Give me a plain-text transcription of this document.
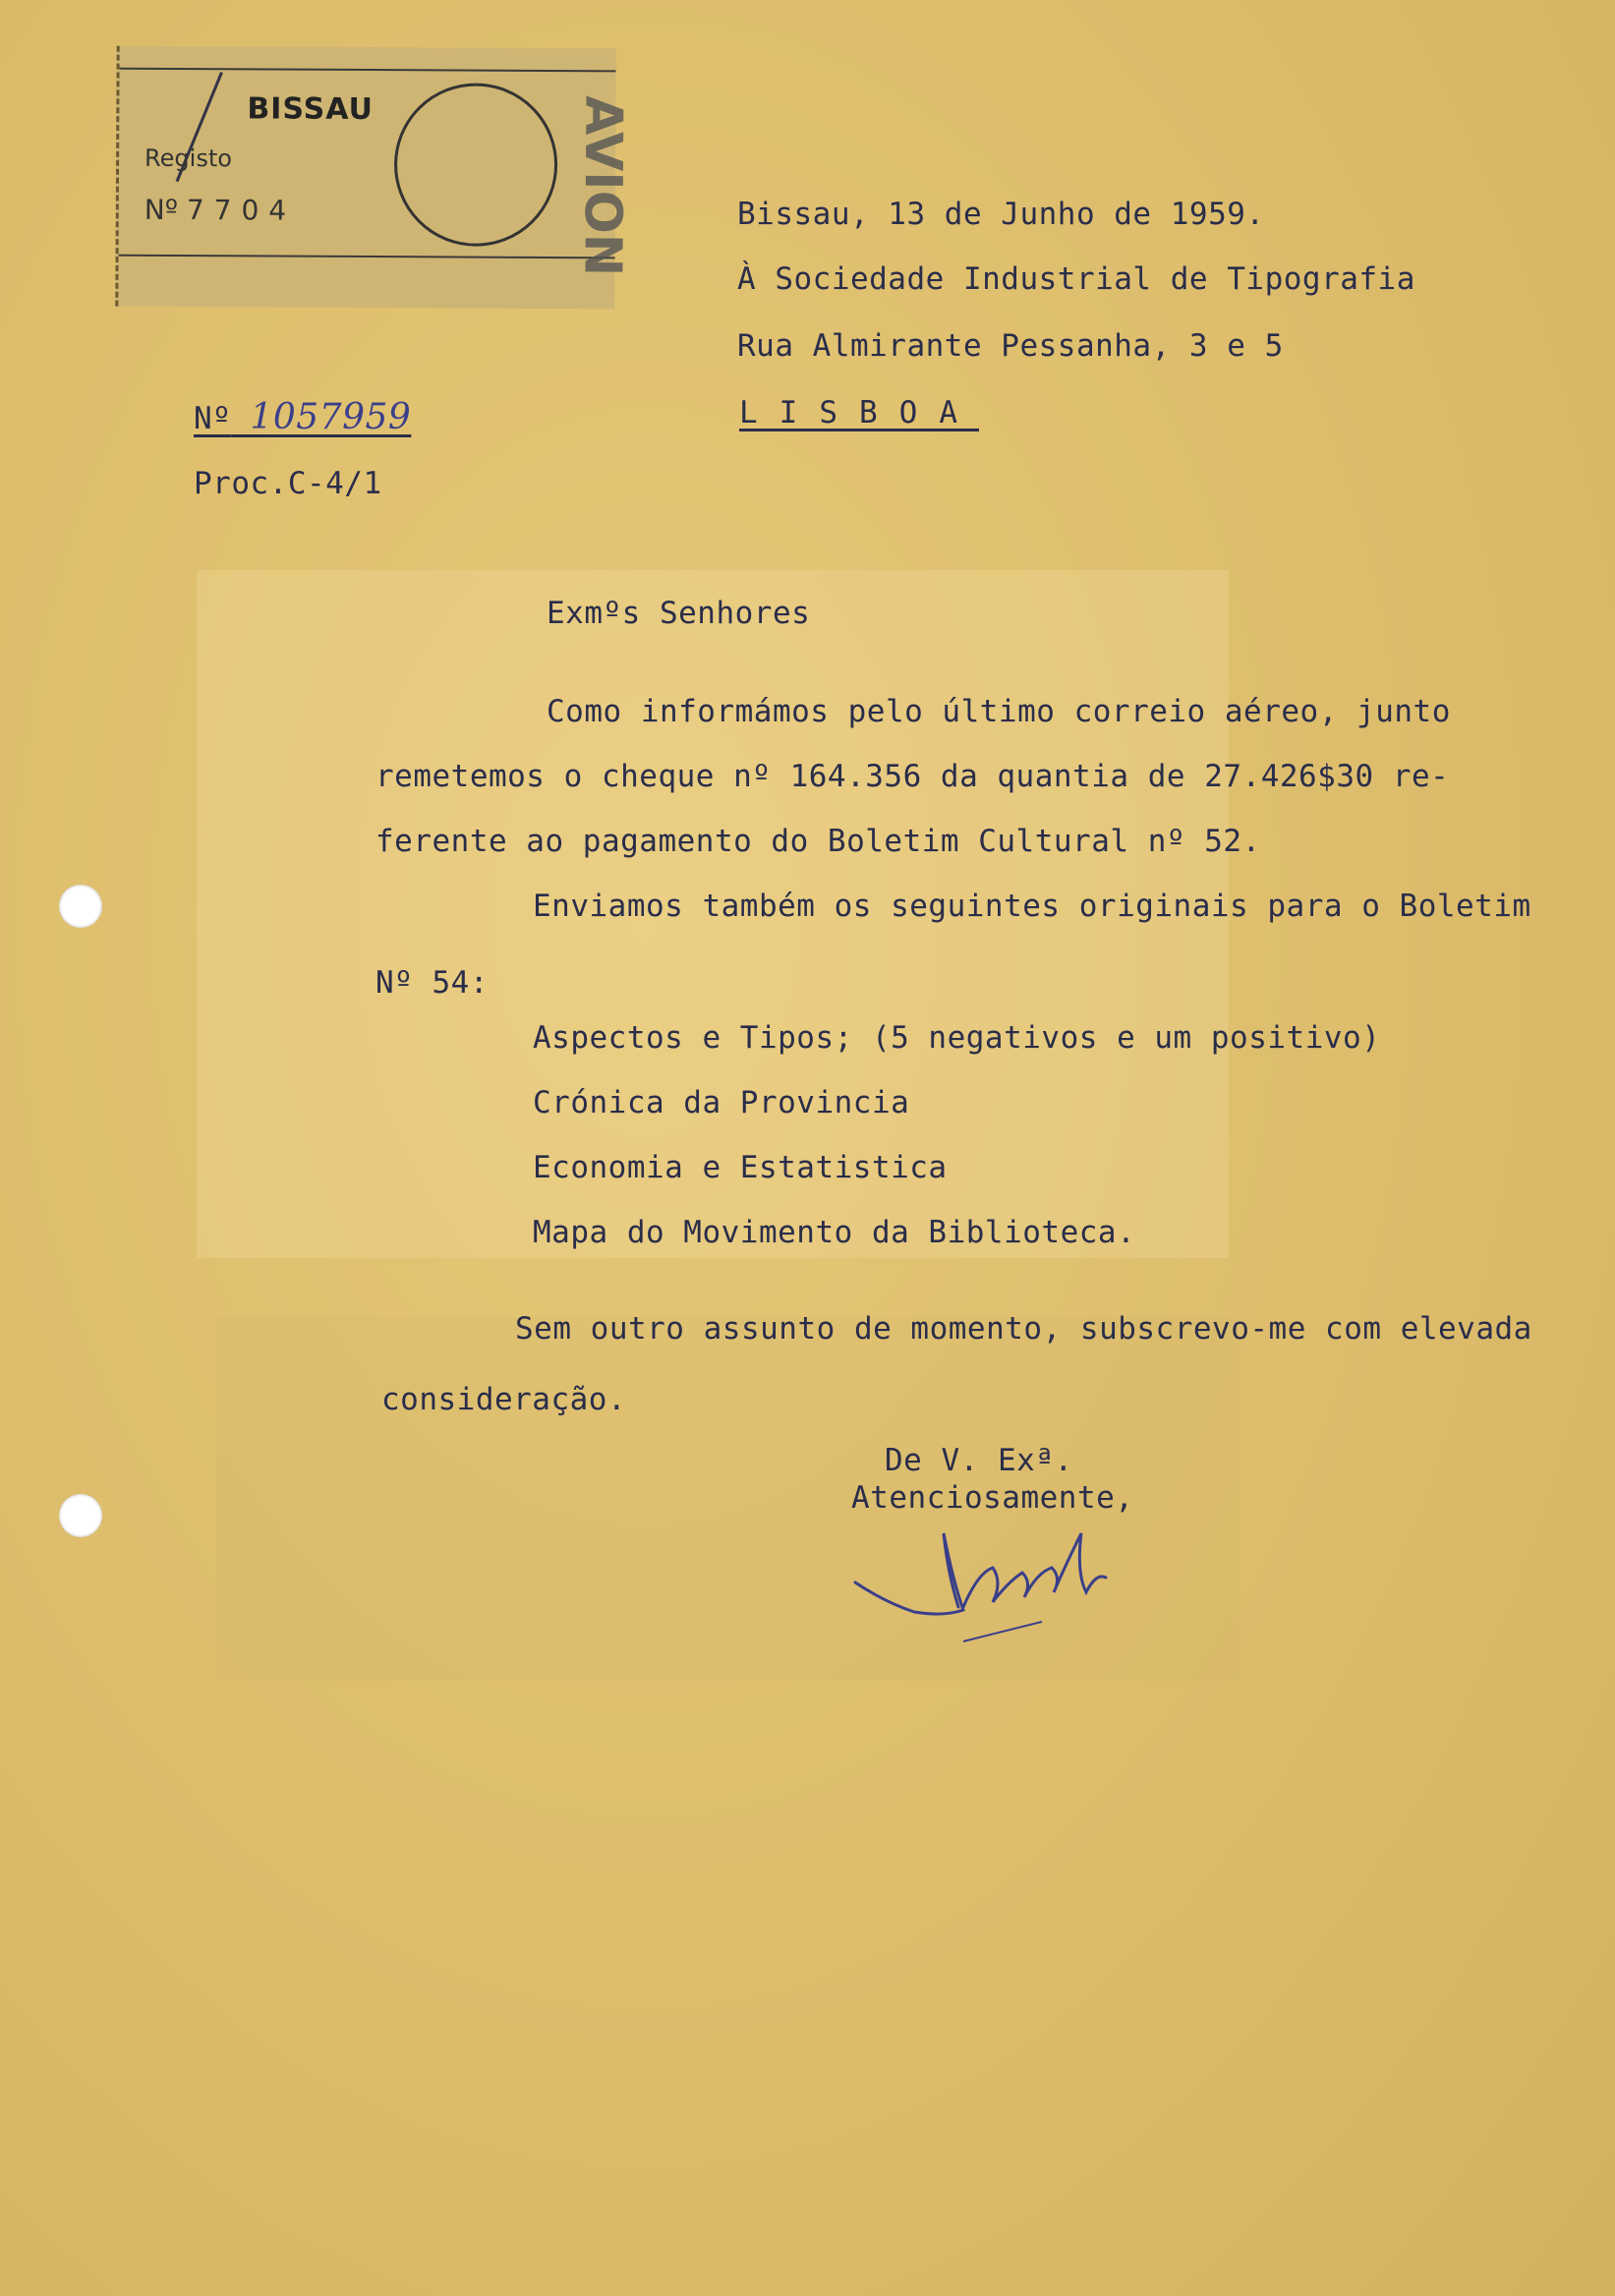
BISSAU
Registo
Nº 7704	AVION
Nº 1057959
Proc.C-4/1
Bissau, 13 de Junho de 1959.
À Sociedade Industrial de Tipografia
Rua Almirante Pessanha, 3 e 5
LISBOA
Exmºs Senhores
Como informámos pelo último correio aéreo, junto
remetemos o cheque nº 164.356 da quantia de 27.426$30 re-
ferente ao pagamento do Boletim Cultural nº 52.
Enviamos também os seguintes originais para o Boletim
Nº 54:
Aspectos e Tipos; (5 negativos e um positivo)
Crónica da Provincia
Economia e Estatistica
Mapa do Movimento da Biblioteca.
Sem outro assunto de momento, subscrevo-me com elevada
consideração.
De V. Exª.
Atenciosamente,
